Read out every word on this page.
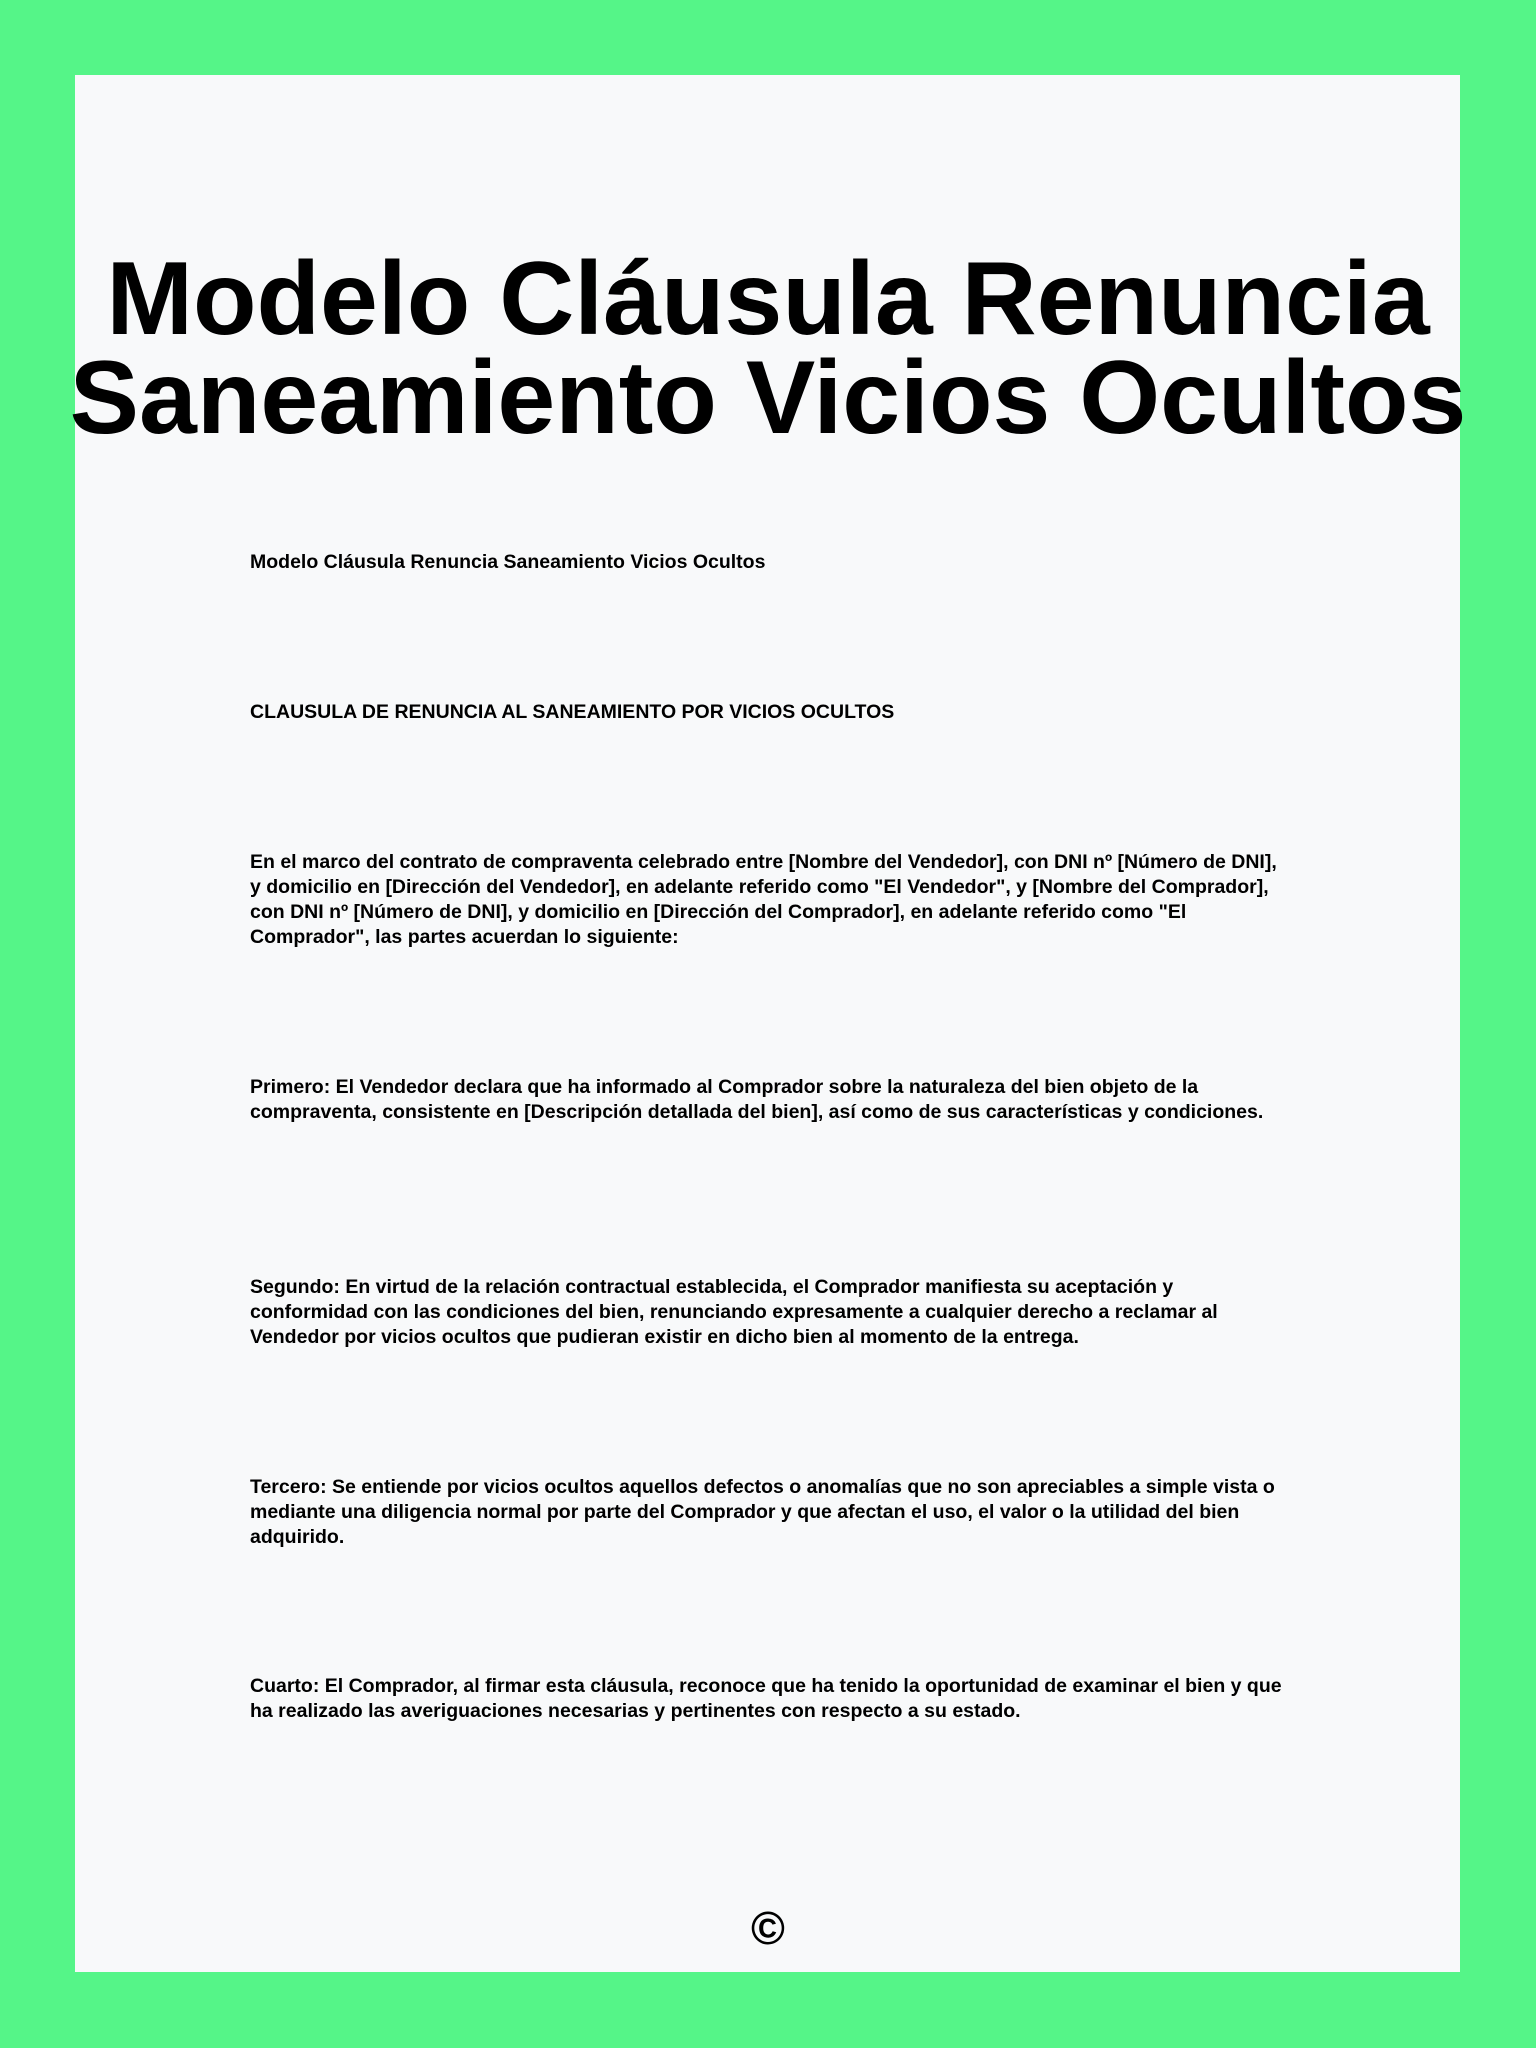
Modelo Cláusula Renuncia
Saneamiento Vicios Ocultos

Modelo Cláusula Renuncia Saneamiento Vicios Ocultos

CLAUSULA DE RENUNCIA AL SANEAMIENTO POR VICIOS OCULTOS

En el marco del contrato de compraventa celebrado entre [Nombre del Vendedor], con DNI nº [Número de DNI], y domicilio en [Dirección del Vendedor], en adelante referido como "El Vendedor", y [Nombre del Comprador], con DNI nº [Número de DNI], y domicilio en [Dirección del Comprador], en adelante referido como "El Comprador", las partes acuerdan lo siguiente:

Primero: El Vendedor declara que ha informado al Comprador sobre la naturaleza del bien objeto de la compraventa, consistente en [Descripción detallada del bien], así como de sus características y condiciones.

Segundo: En virtud de la relación contractual establecida, el Comprador manifiesta su aceptación y conformidad con las condiciones del bien, renunciando expresamente a cualquier derecho a reclamar al Vendedor por vicios ocultos que pudieran existir en dicho bien al momento de la entrega.

Tercero: Se entiende por vicios ocultos aquellos defectos o anomalías que no son apreciables a simple vista o mediante una diligencia normal por parte del Comprador y que afectan el uso, el valor o la utilidad del bien adquirido.

Cuarto: El Comprador, al firmar esta cláusula, reconoce que ha tenido la oportunidad de examinar el bien y que ha realizado las averiguaciones necesarias y pertinentes con respecto a su estado.

©
